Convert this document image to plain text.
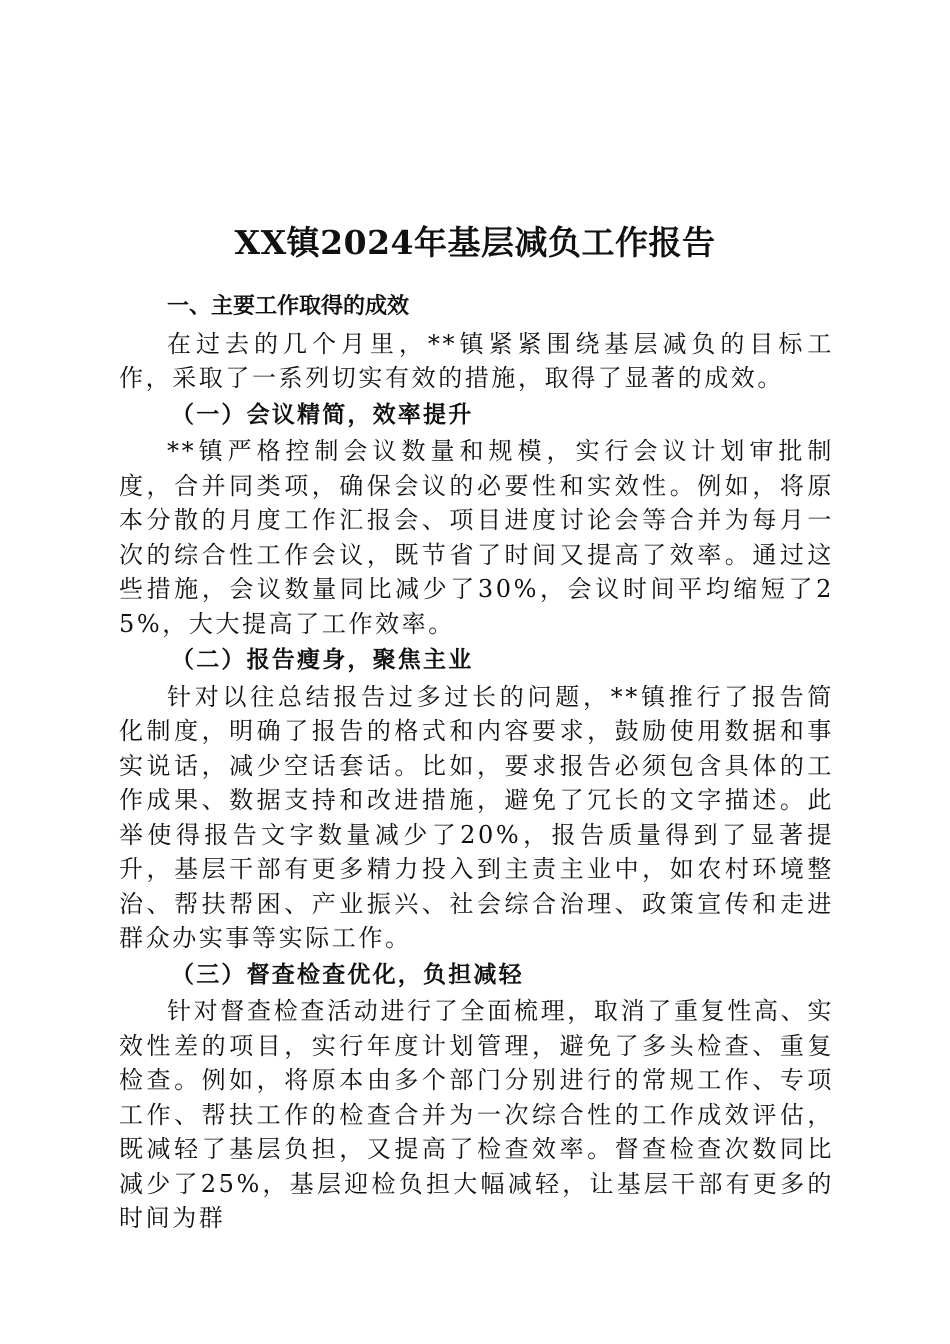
XX镇2024年基层减负工作报告
一、主要工作取得的成效

在过去的几个月里，**镇紧紧围绕基层减负的目标工作，采取了一系列切实有效的措施，取得了显著的成效。

（一）会议精简，效率提升

**镇严格控制会议数量和规模，实行会议计划审批制度，合并同类项，确保会议的必要性和实效性。例如，将原本分散的月度工作汇报会、项目进度讨论会等合并为每月一次的综合性工作会议，既节省了时间又提高了效率。通过这些措施，会议数量同比减少了30%，会议时间平均缩短了25%，大大提高了工作效率。

（二）报告瘦身，聚焦主业

针对以往总结报告过多过长的问题，**镇推行了报告简化制度，明确了报告的格式和内容要求，鼓励使用数据和事实说话，减少空话套话。比如，要求报告必须包含具体的工作成果、数据支持和改进措施，避免了冗长的文字描述。此举使得报告文字数量减少了20%，报告质量得到了显著提升，基层干部有更多精力投入到主责主业中，如农村环境整治、帮扶帮困、产业振兴、社会综合治理、政策宣传和走进群众办实事等实际工作。

（三）督查检查优化，负担减轻

针对督查检查活动进行了全面梳理，取消了重复性高、实效性差的项目，实行年度计划管理，避免了多头检查、重复检查。例如，将原本由多个部门分别进行的常规工作、专项工作、帮扶工作的检查合并为一次综合性的工作成效评估，既减轻了基层负担，又提高了检查效率。督查检查次数同比减少了25%，基层迎检负担大幅减轻，让基层干部有更多的时间为群
